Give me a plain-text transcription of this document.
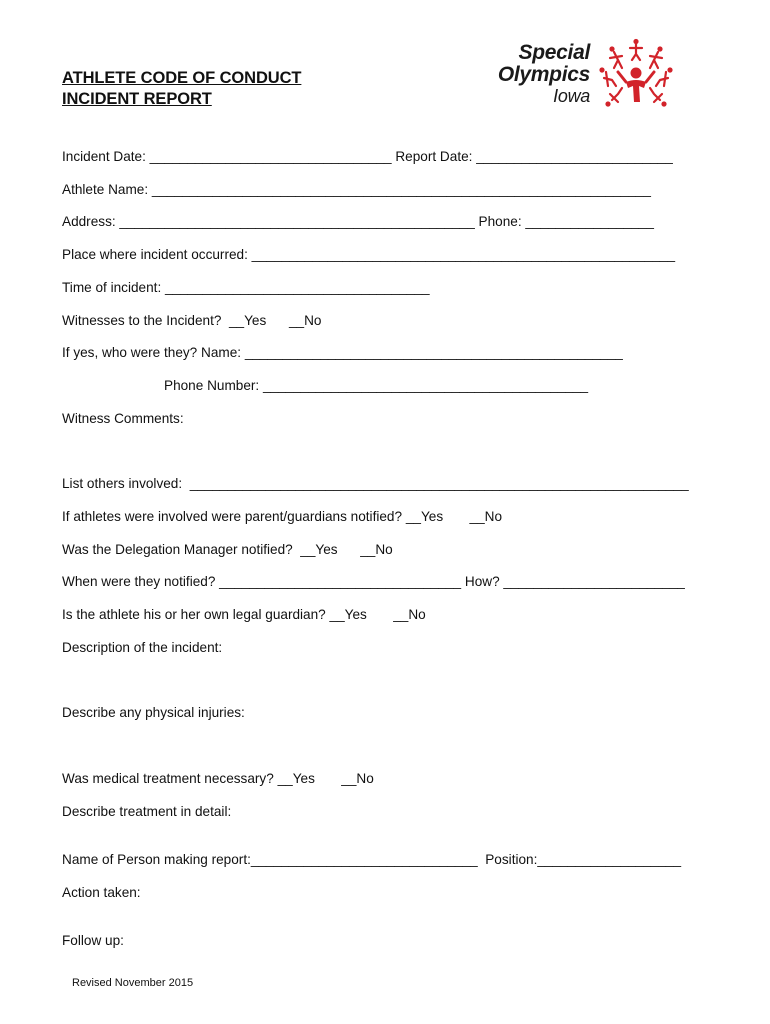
ATHLETE CODE OF CONDUCT
INCIDENT REPORT
Special
Olympics
Iowa
Incident Date: ________________________________ Report Date: __________________________
Athlete Name: __________________________________________________________________
Address: _______________________________________________ Phone: _________________
Place where incident occurred: ________________________________________________________
Time of incident: ___________________________________
Witnesses to the Incident?  __Yes      __No
If yes, who were they? Name: __________________________________________________
Phone Number: ___________________________________________
Witness Comments:
List others involved:  __________________________________________________________________
If athletes were involved were parent/guardians notified? __Yes       __No
Was the Delegation Manager notified?  __Yes      __No
When were they notified? ________________________________ How? ________________________
Is the athlete his or her own legal guardian? __Yes       __No
Description of the incident:
Describe any physical injuries:
Was medical treatment necessary? __Yes       __No
Describe treatment in detail:
Name of Person making report:______________________________  Position:___________________
Action taken:
Follow up:
Revised November 2015
